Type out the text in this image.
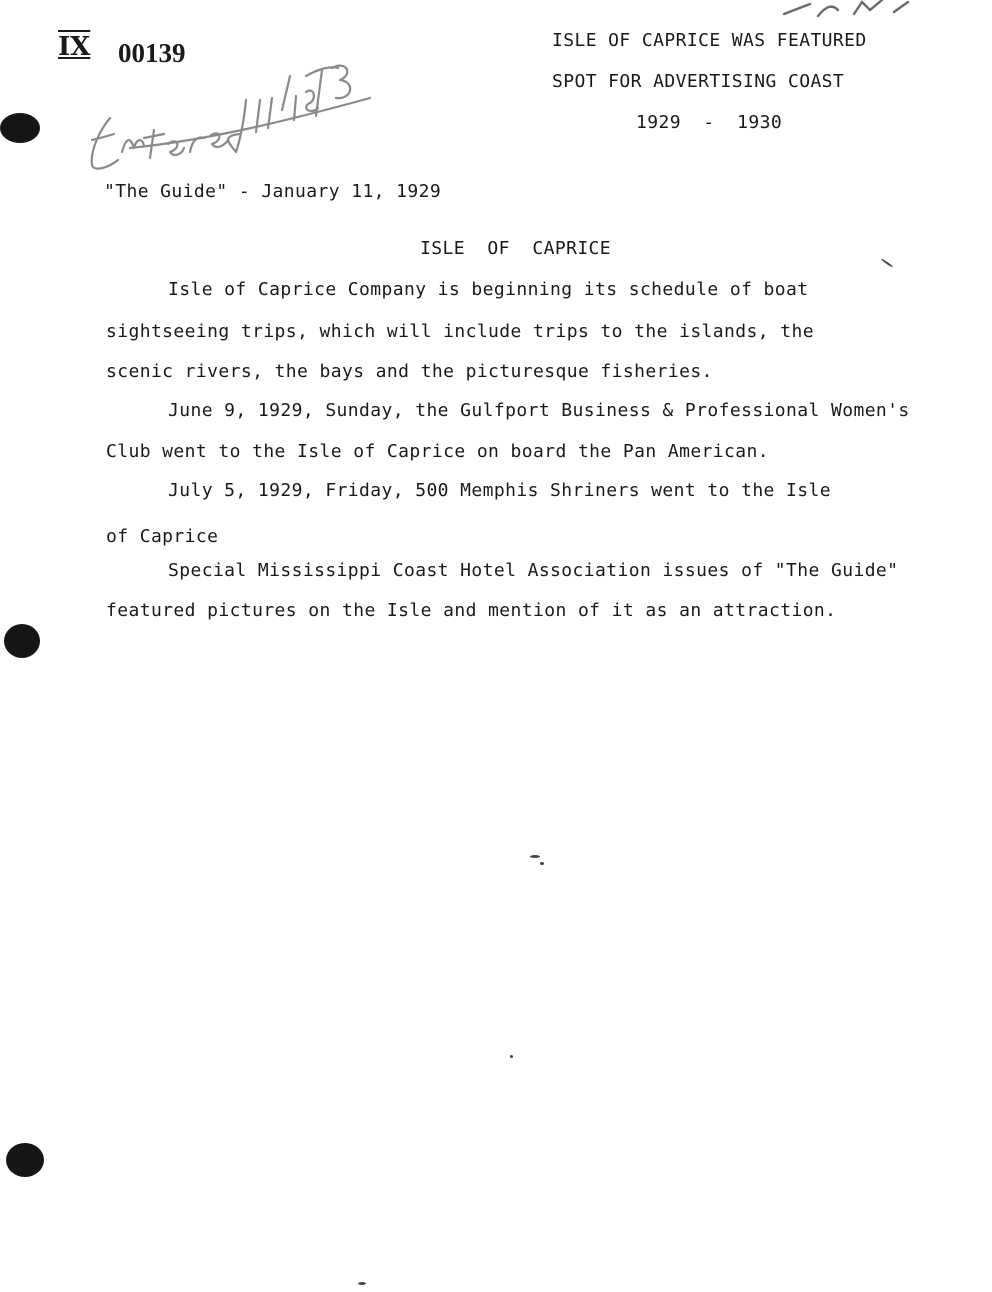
IX 00139	ISLE OF CAPRICE WAS FEATURED
SPOT FOR ADVERTISING COAST
1929  -  1930
"The Guide" - January 11, 1929
ISLE  OF  CAPRICE
Isle of Caprice Company is beginning its schedule of boat
sightseeing trips, which will include trips to the islands, the
scenic rivers, the bays and the picturesque fisheries.
June 9, 1929, Sunday, the Gulfport Business & Professional Women's
Club went to the Isle of Caprice on board the Pan American.
July 5, 1929, Friday, 500 Memphis Shriners went to the Isle
of Caprice
Special Mississippi Coast Hotel Association issues of "The Guide"
featured pictures on the Isle and mention of it as an attraction.
